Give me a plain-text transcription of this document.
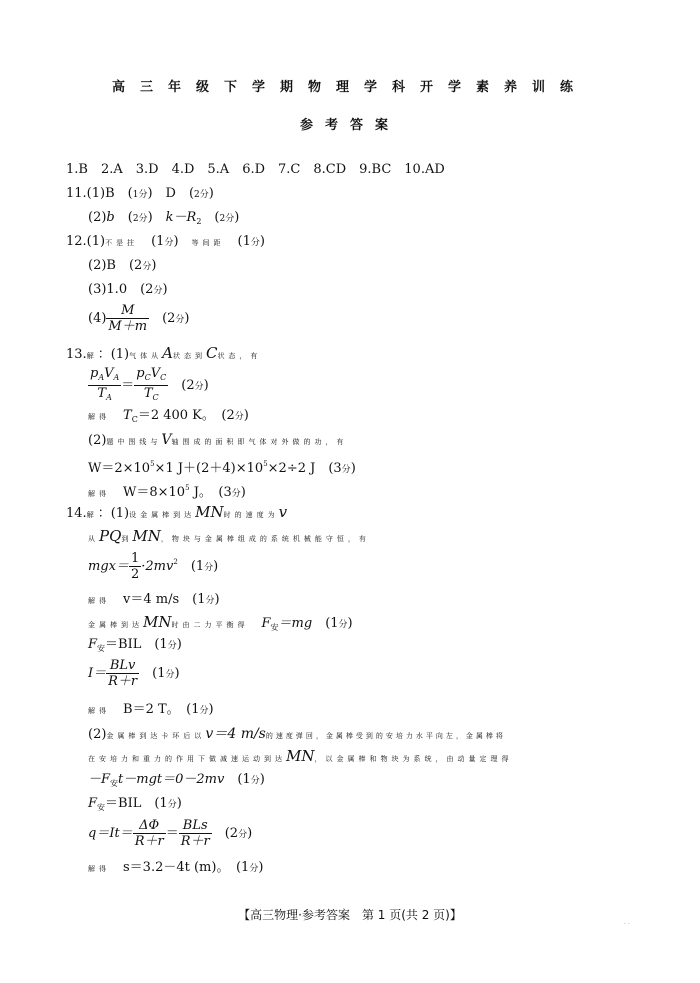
高三年级下学期物理学科开学素养训练
参考答案
1.B　2.A　3.D　4.D　5.A　6.D　7.C　8.CD　9.BC　10.AD
11.(1)B　(1分)　D　(2分)
(2)b　(2分)　$k-R_2$　(2分)
12.(1)不是拄　(1分)　等间距　(1分)
(2)B　(2分)
(3)1.0　(2分)
$(4) \frac{M}{M+m}$ 　(2分)
13.解：(1)气体从A状态到C状态，有
$\frac{p_AV_A}{T_A} = \frac{p_CV_C}{T_C}$ 　(2分)
解得　 $T_C=2$ 400 K。　(2分)
(2)题中图线与V轴围成的面积即气体对外做的功，有
$W=2\times 10^5\times 1$ $J+(2+4)\times 10^5\times 2\div 2$ J　(3分)
解得　 $W=8\times 10^5$ J。　(3分)
14.解：(1)设金属棒到达MN时的速度为v
从PQ到MN，物块与金属棒组成的系统机械能守恒，有
$mgx= \frac{1}{2} \cdot 2mv^2$　(1分)
解得　 v＝4 m/s　(1分)
金属棒到达MN时由二力平衡得　 $F_安=mg$　(1分)
$F_安=BIL$　(1分)
$I= \frac{\text{BLv}}{R+r}$ 　(1分)
解得　 B＝2 T。　(1分)
(2)金属棒到达卡环后以v＝4 m/s的速度弹回，金属棒受到的安培力水平向左，金属棒将
在安培力和重力的作用下做减速运动到达MN，以金属棒和物块为系统，由动量定理得
$-F_安t-mgt=0-2mv$　(1分)
$F_安=BIL$　(1分)
$q=It= \frac{\Delta\Phi}{R+r} = \frac{\text{BLs}}{R+r}$ 　(2分)
解得　 s＝3.2－4t (m)。　(1分)
【高三物理·参考答案　第 1 页(共 2 页)】
· ·
